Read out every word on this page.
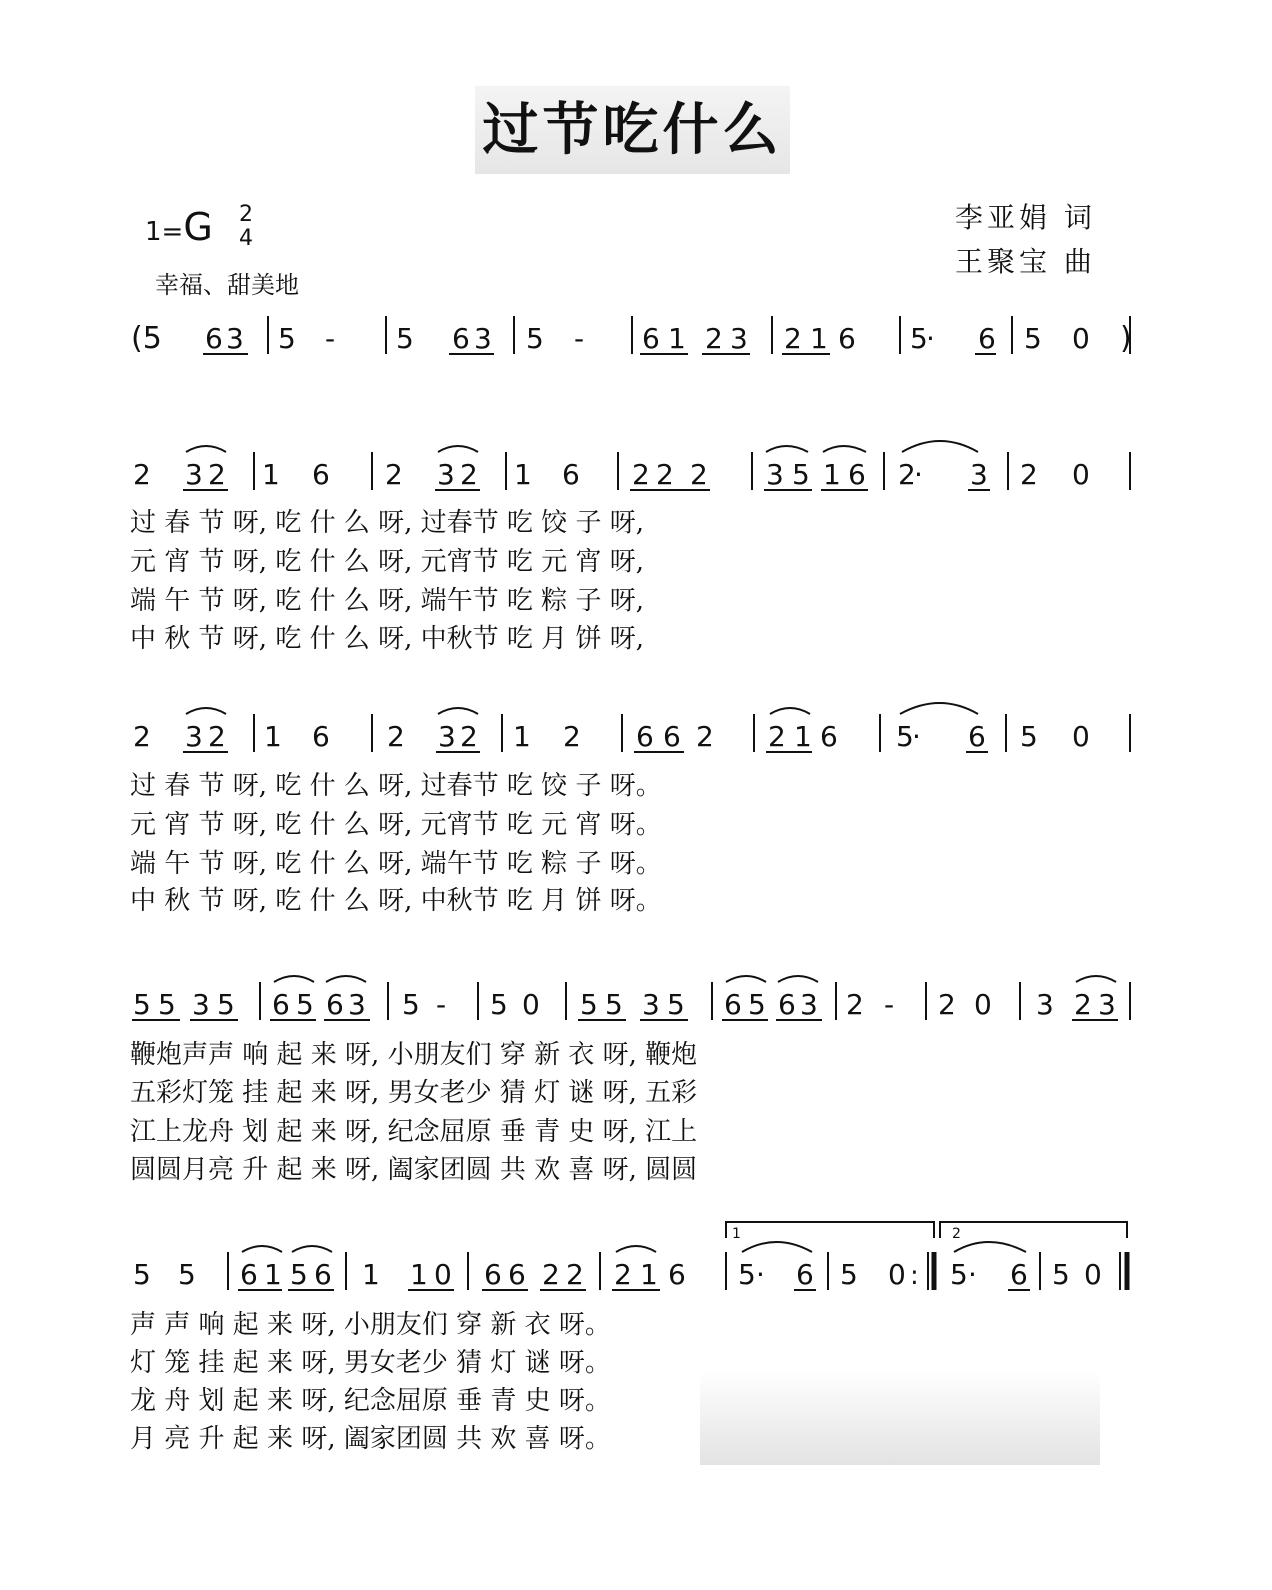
过节吃什么
1=G 2
4
幸福、甜美地
李亚娟 词
王聚宝 曲
(5 6 3 5 - 5 6 3 5 - 6 1 2 3 2 1 6 5
· 6 5 0 )
2 3 2 1 6 2 3 2 1 6 2 2 2 3 5 1 6 2
· 3 2 0
2 3 2 1 6 2 3 2 1 2 6 6 2 2 1 6 5
· 6 5 0
5 5 3 5 6 5 6 3 5 - 5 0 5 5 3 5 6 5 6 3 2 - 2 0 3 2 3
5 5 6 1 5 6 1 1 0 6 6 2 2 2 1 6 5 · 6 5 0 : 5 · 6 5 0
1	2
过 春 节 呀, 吃 什 么 呀, 过春节 吃 饺 子 呀,
元 宵 节 呀, 吃 什 么 呀, 元宵节 吃 元 宵 呀,
端 午 节 呀, 吃 什 么 呀, 端午节 吃 粽 子 呀,
中 秋 节 呀, 吃 什 么 呀, 中秋节 吃 月 饼 呀,
过 春 节 呀, 吃 什 么 呀, 过春节 吃 饺 子 呀。
元 宵 节 呀, 吃 什 么 呀, 元宵节 吃 元 宵 呀。
端 午 节 呀, 吃 什 么 呀, 端午节 吃 粽 子 呀。
中 秋 节 呀, 吃 什 么 呀, 中秋节 吃 月 饼 呀。
鞭炮声声 响 起 来 呀, 小朋友们 穿 新 衣 呀, 鞭炮
五彩灯笼 挂 起 来 呀, 男女老少 猜 灯 谜 呀, 五彩
江上龙舟 划 起 来 呀, 纪念屈原 垂 青 史 呀, 江上
圆圆月亮 升 起 来 呀, 阖家团圆 共 欢 喜 呀, 圆圆
声 声 响 起 来 呀, 小朋友们 穿 新 衣 呀。
灯 笼 挂 起 来 呀, 男女老少 猜 灯 谜 呀。
龙 舟 划 起 来 呀, 纪念屈原 垂 青 史 呀。
月 亮 升 起 来 呀, 阖家团圆 共 欢 喜 呀。
